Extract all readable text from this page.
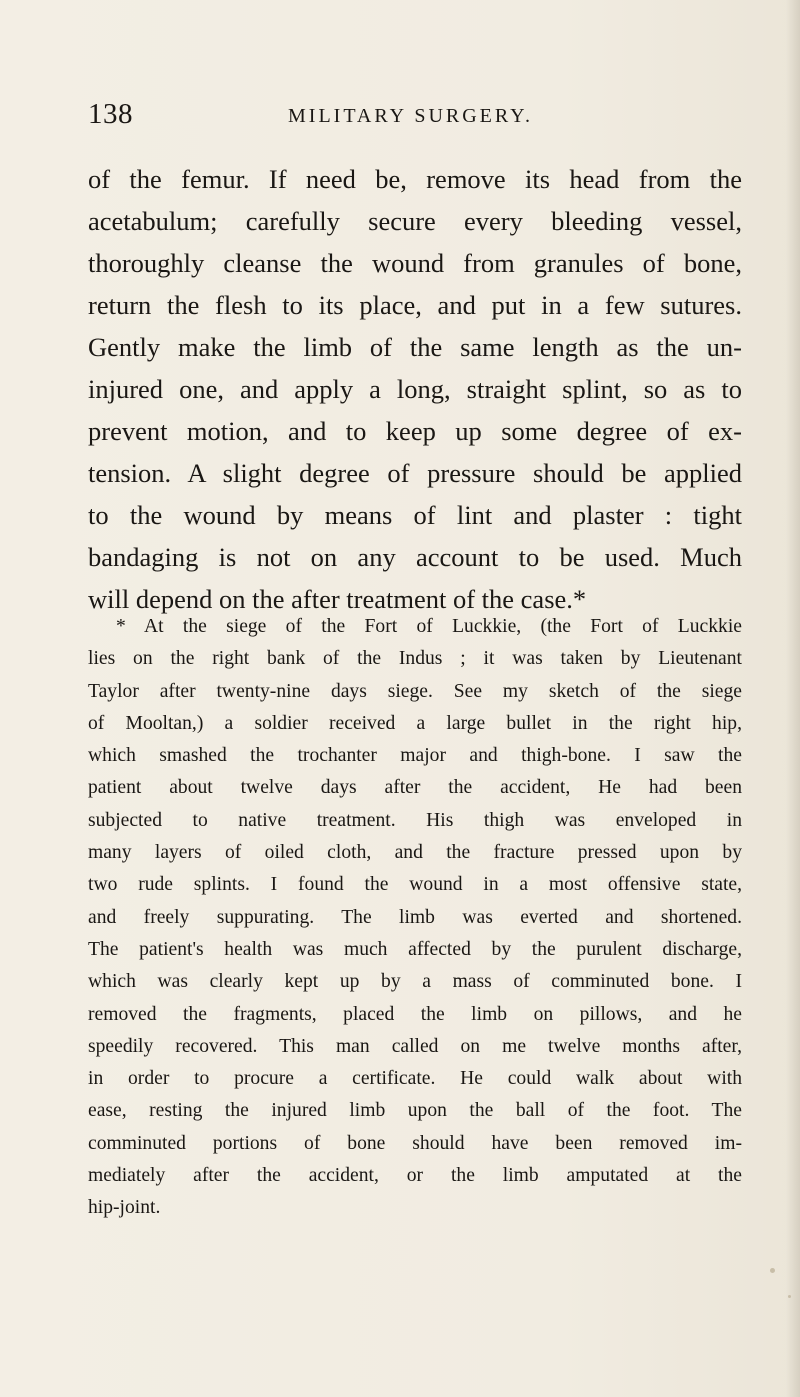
138	MILITARY SURGERY.
of the femur. If need be, remove its head from the
acetabulum; carefully secure every bleeding vessel,
thoroughly cleanse the wound from granules of bone,
return the flesh to its place, and put in a few sutures.
Gently make the limb of the same length as the un-
injured one, and apply a long, straight splint, so as to
prevent motion, and to keep up some degree of ex-
tension. A slight degree of pressure should be applied
to the wound by means of lint and plaster : tight
bandaging is not on any account to be used. Much
will depend on the after treatment of the case.*
* At the siege of the Fort of Luckkie, (the Fort of Luckkie
lies on the right bank of the Indus ; it was taken by Lieutenant
Taylor after twenty-nine days siege. See my sketch of the siege
of Mooltan,) a soldier received a large bullet in the right hip,
which smashed the trochanter major and thigh-bone. I saw the
patient about twelve days after the accident, He had been
subjected to native treatment. His thigh was enveloped in
many layers of oiled cloth, and the fracture pressed upon by
two rude splints. I found the wound in a most offensive state,
and freely suppurating. The limb was everted and shortened.
The patient's health was much affected by the purulent discharge,
which was clearly kept up by a mass of comminuted bone. I
removed the fragments, placed the limb on pillows, and he
speedily recovered. This man called on me twelve months after,
in order to procure a certificate. He could walk about with
ease, resting the injured limb upon the ball of the foot. The
comminuted portions of bone should have been removed im-
mediately after the accident, or the limb amputated at the
hip-joint.
